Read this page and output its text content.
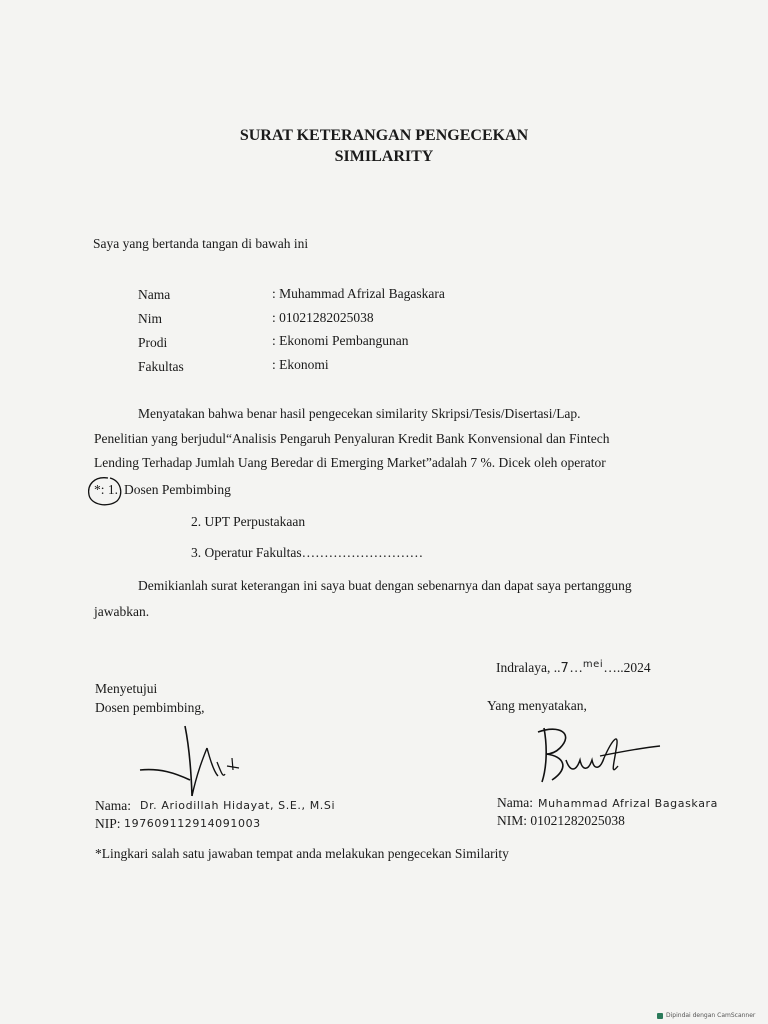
SURAT KETERANGAN PENGECEKAN
SIMILARITY
Saya yang bertanda tangan di bawah ini
Nama	: Muhammad Afrizal Bagaskara
Nim	: 01021282025038
Prodi	: Ekonomi Pembangunan
Fakultas	: Ekonomi
Menyatakan bahwa benar hasil pengecekan similarity Skripsi/Tesis/Disertasi/Lap.
Penelitian yang berjudul“Analisis Pengaruh Penyaluran Kredit Bank Konvensional dan Fintech
Lending Terhadap Jumlah Uang Beredar di Emerging Market”adalah 7 %. Dicek oleh operator
*: 1. Dosen Pembimbing
2. UPT Perpustakaan
3. Operatur Fakultas………………………
Demikianlah surat keterangan ini saya buat dengan sebenarnya dan dapat saya pertanggung
jawabkan.
Indralaya, ..7…$^{mei}$…..2024
Menyetujui
Dosen pembimbing,
Nama: Dr. Ariodillah Hidayat, S.E., M.Si
NIP: 197609112914091003
Yang menyatakan,
Nama: Muhammad Afrizal Bagaskara
NIM: 01021282025038
*Lingkari salah satu jawaban tempat anda melakukan pengecekan Similarity
Dipindai dengan CamScanner
